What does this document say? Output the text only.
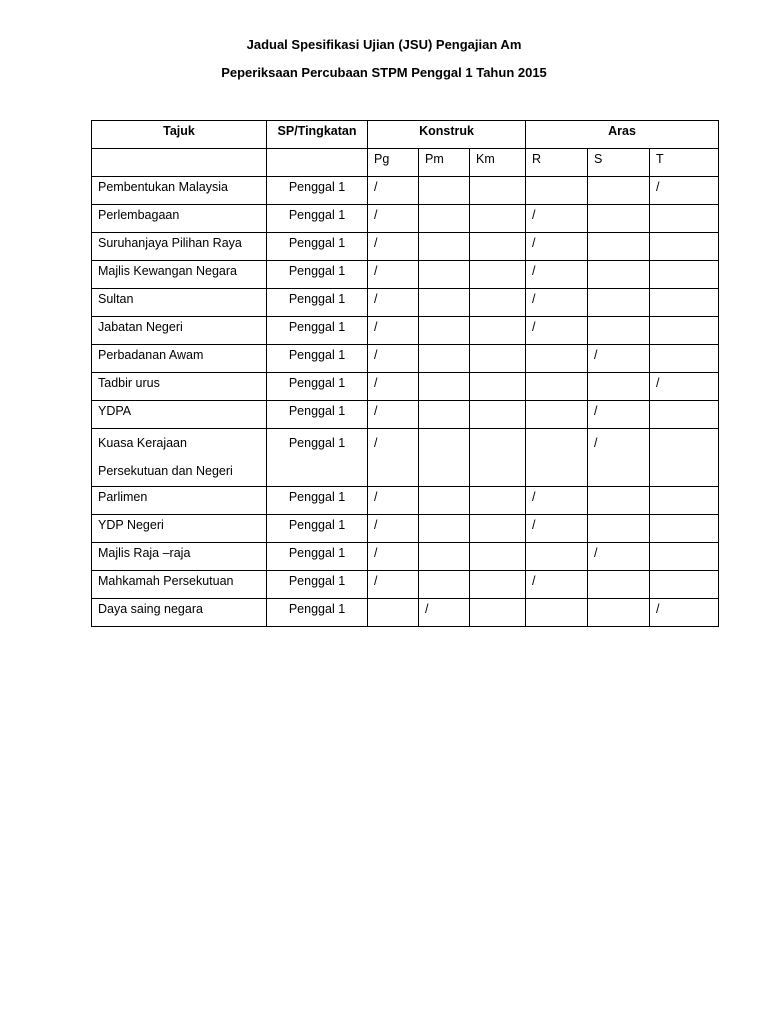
Jadual Spesifikasi Ujian (JSU) Pengajian Am
Peperiksaan Percubaan STPM Penggal 1 Tahun 2015
Tajuk	SP/Tingkatan	Konstruk			Aras		
		Pg	Pm	Km	R	S	T
Pembentukan Malaysia	Penggal 1	/					/
Perlembagaan	Penggal 1	/			/		
Suruhanjaya Pilihan Raya	Penggal 1	/			/		
Majlis Kewangan Negara	Penggal 1	/			/		
Sultan	Penggal 1	/			/		
Jabatan Negeri	Penggal 1	/			/		
Perbadanan Awam	Penggal 1	/				/	
Tadbir urus	Penggal 1	/					/
YDPA	Penggal 1	/				/	
Kuasa Kerajaan Persekutuan dan Negeri	Penggal 1	/				/	
Parlimen	Penggal 1	/			/		
YDP Negeri	Penggal 1	/			/		
Majlis Raja –raja	Penggal 1	/				/	
Mahkamah Persekutuan	Penggal 1	/			/		
Daya saing negara	Penggal 1		/				/
